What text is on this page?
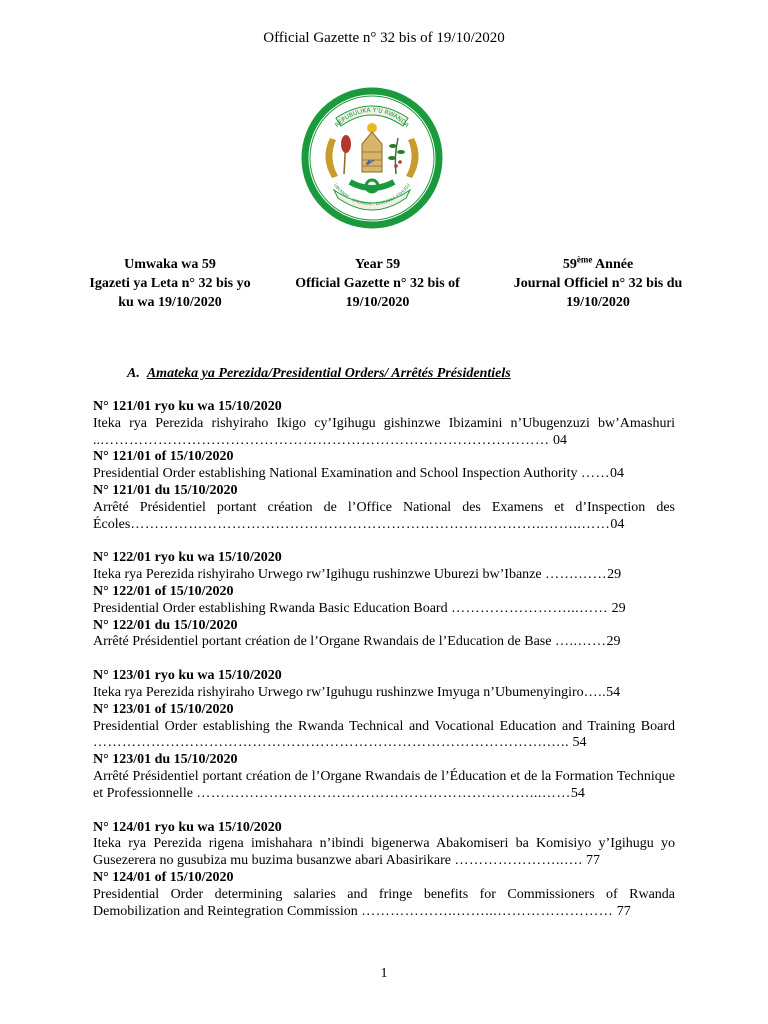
Official Gazette n° 32 bis of 19/10/2020
REPUBULIKA Y'U RWANDA
UBUMWE - UMURIMO - GUKUNDA IGIHUGU
Umwaka wa 59
Igazeti ya Leta n° 32 bis yo
ku wa 19/10/2020
Year 59
Official Gazette n° 32 bis of
19/10/2020
59ème Année
Journal Officiel n° 32 bis du
19/10/2020
A. Amateka ya Perezida/Presidential Orders/ Arrêtés Présidentiels
N° 121/01 ryo ku wa 15/10/2020
Iteka rya Perezida rishyiraho Ikigo cy’Igihugu gishinzwe Ibizamini n’Ubugenzuzi bw’Amashuri ..………………………………………………………………………………… 04
N° 121/01 of 15/10/2020
Presidential Order establishing National Examination and School Inspection Authority ……04
N° 121/01 du 15/10/2020
Arrêté Présidentiel portant création de l’Office National des Examens et d’Inspection des Écoles…………………………………………………………………………..……..……04
N° 122/01 ryo ku wa 15/10/2020
Iteka rya Perezida rishyiraho Urwego rw’Igihugu rushinzwe Uburezi bw’Ibanze …….……29
N° 122/01 of 15/10/2020
Presidential Order establishing Rwanda Basic Education Board ……………………...…… 29
N° 122/01 du 15/10/2020
Arrêté Présidentiel portant création de l’Organe Rwandais de l’Education de Base …..……29
N° 123/01 ryo ku wa 15/10/2020
Iteka rya Perezida rishyiraho Urwego rw’Iguhugu rushinzwe Imyuga n’Ubumenyingiro…..54
N° 123/01 of 15/10/2020
Presidential Order establishing the Rwanda Technical and Vocational Education and Training Board ………………………………………………………………………………….….. 54
N° 123/01 du 15/10/2020
Arrêté Présidentiel portant création de l’Organe Rwandais de l’Éducation et de la Formation Technique et Professionnelle ……………………………………………………………...……54
N° 124/01 ryo ku wa 15/10/2020
Iteka rya Perezida rigena imishahara n’ibindi bigenerwa Abakomiseri ba Komisiyo y’Igihugu yo Gusezerera no gusubiza mu buzima busanzwe abari Abasirikare …………………..…. 77
N° 124/01 of 15/10/2020
Presidential Order determining salaries and fringe benefits for Commissioners of Rwanda Demobilization and Reintegration Commission ………………..……...…………………… 77
1
